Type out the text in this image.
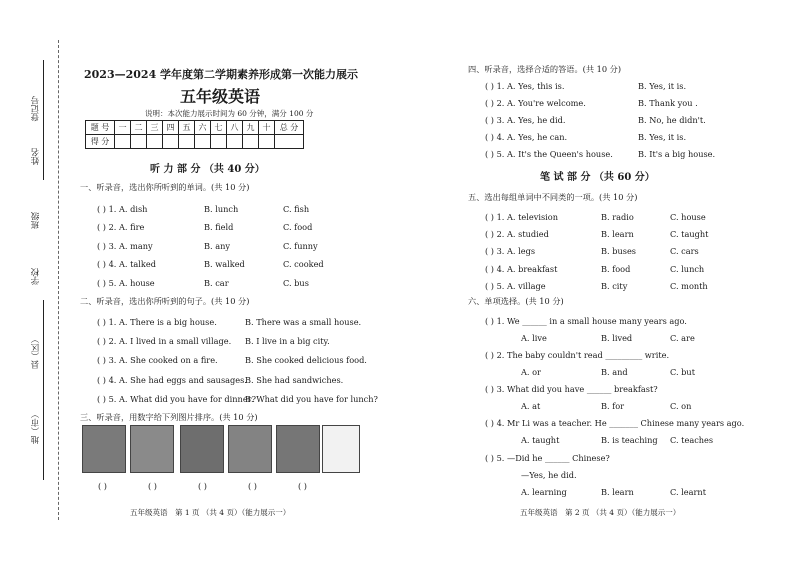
登记号
姓名
班级
学校
县（区）
地（市）
2023—2024 学年度第二学期素养形成第一次能力展示
五年级英语
说明：本次能力展示时间为 60 分钟，满分 100 分
题 号	一	二	三	四	五	六	七	八	九	十	总 分
得 分											
听 力 部 分 （共 40 分）
一、听录音，选出你所听到的单词。(共 10 分)
( ) 1. A. dish	B. lunch	C. fish
( ) 2. A. fire	B. field	C. food
( ) 3. A. many	B. any	C. funny
( ) 4. A. talked	B. walked	C. cooked
( ) 5. A. house	B. car	C. bus
二、听录音，选出你所听到的句子。(共 10 分)
( ) 1. A. There is a big house.	B. There was a small house.
( ) 2. A. I lived in a small village. B. I live in a big city.
( ) 3. A. She cooked on a fire.	B. She cooked delicious food.
( ) 4. A. She had eggs and sausages.
B. She had sandwiches.
( ) 5. A. What did you have for dinner?
B. What did you have for lunch?
三、听录音，用数字给下列图片排序。(共 10 分)
( )	( )	( )	( )	( )
五年级英语　第 1 页 （共 4 页）（能力展示一）
四、听录音，选择合适的答语。(共 10 分)
( ) 1. A. Yes, this is.	B. Yes, it is.
( ) 2. A. You're welcome.	B. Thank you .
( ) 3. A. Yes, he did.	B. No, he didn't.
( ) 4. A. Yes, he can.	B. Yes, it is.
( ) 5. A. It's the Queen's house.	B. It's a big house.
笔 试 部 分 （共 60 分）
五、选出每组单词中不同类的一项。(共 10 分)
( ) 1. A. television	B. radio	C. house
( ) 2. A. studied	B. learn	C. taught
( ) 3. A. legs	B. buses	C. cars
( ) 4. A. breakfast	B. food	C. lunch
( ) 5. A. village	B. city	C. month
六、单项选择。(共 10 分)
( ) 1. We ______ in a small house many years ago.
A. live	B. lived	C. are
( ) 2. The baby couldn't read _________ write.
A. or	B. and	C. but
( ) 3. What did you have ______ breakfast?
A. at	B. for	C. on
( ) 4. Mr Li was a teacher. He _______ Chinese many years ago.
A. taught	B. is teaching C. teaches
( ) 5. —Did he ______ Chinese?
—Yes, he did.
A. learning	B. learn	C. learnt
五年级英语　第 2 页 （共 4 页）（能力展示一）
